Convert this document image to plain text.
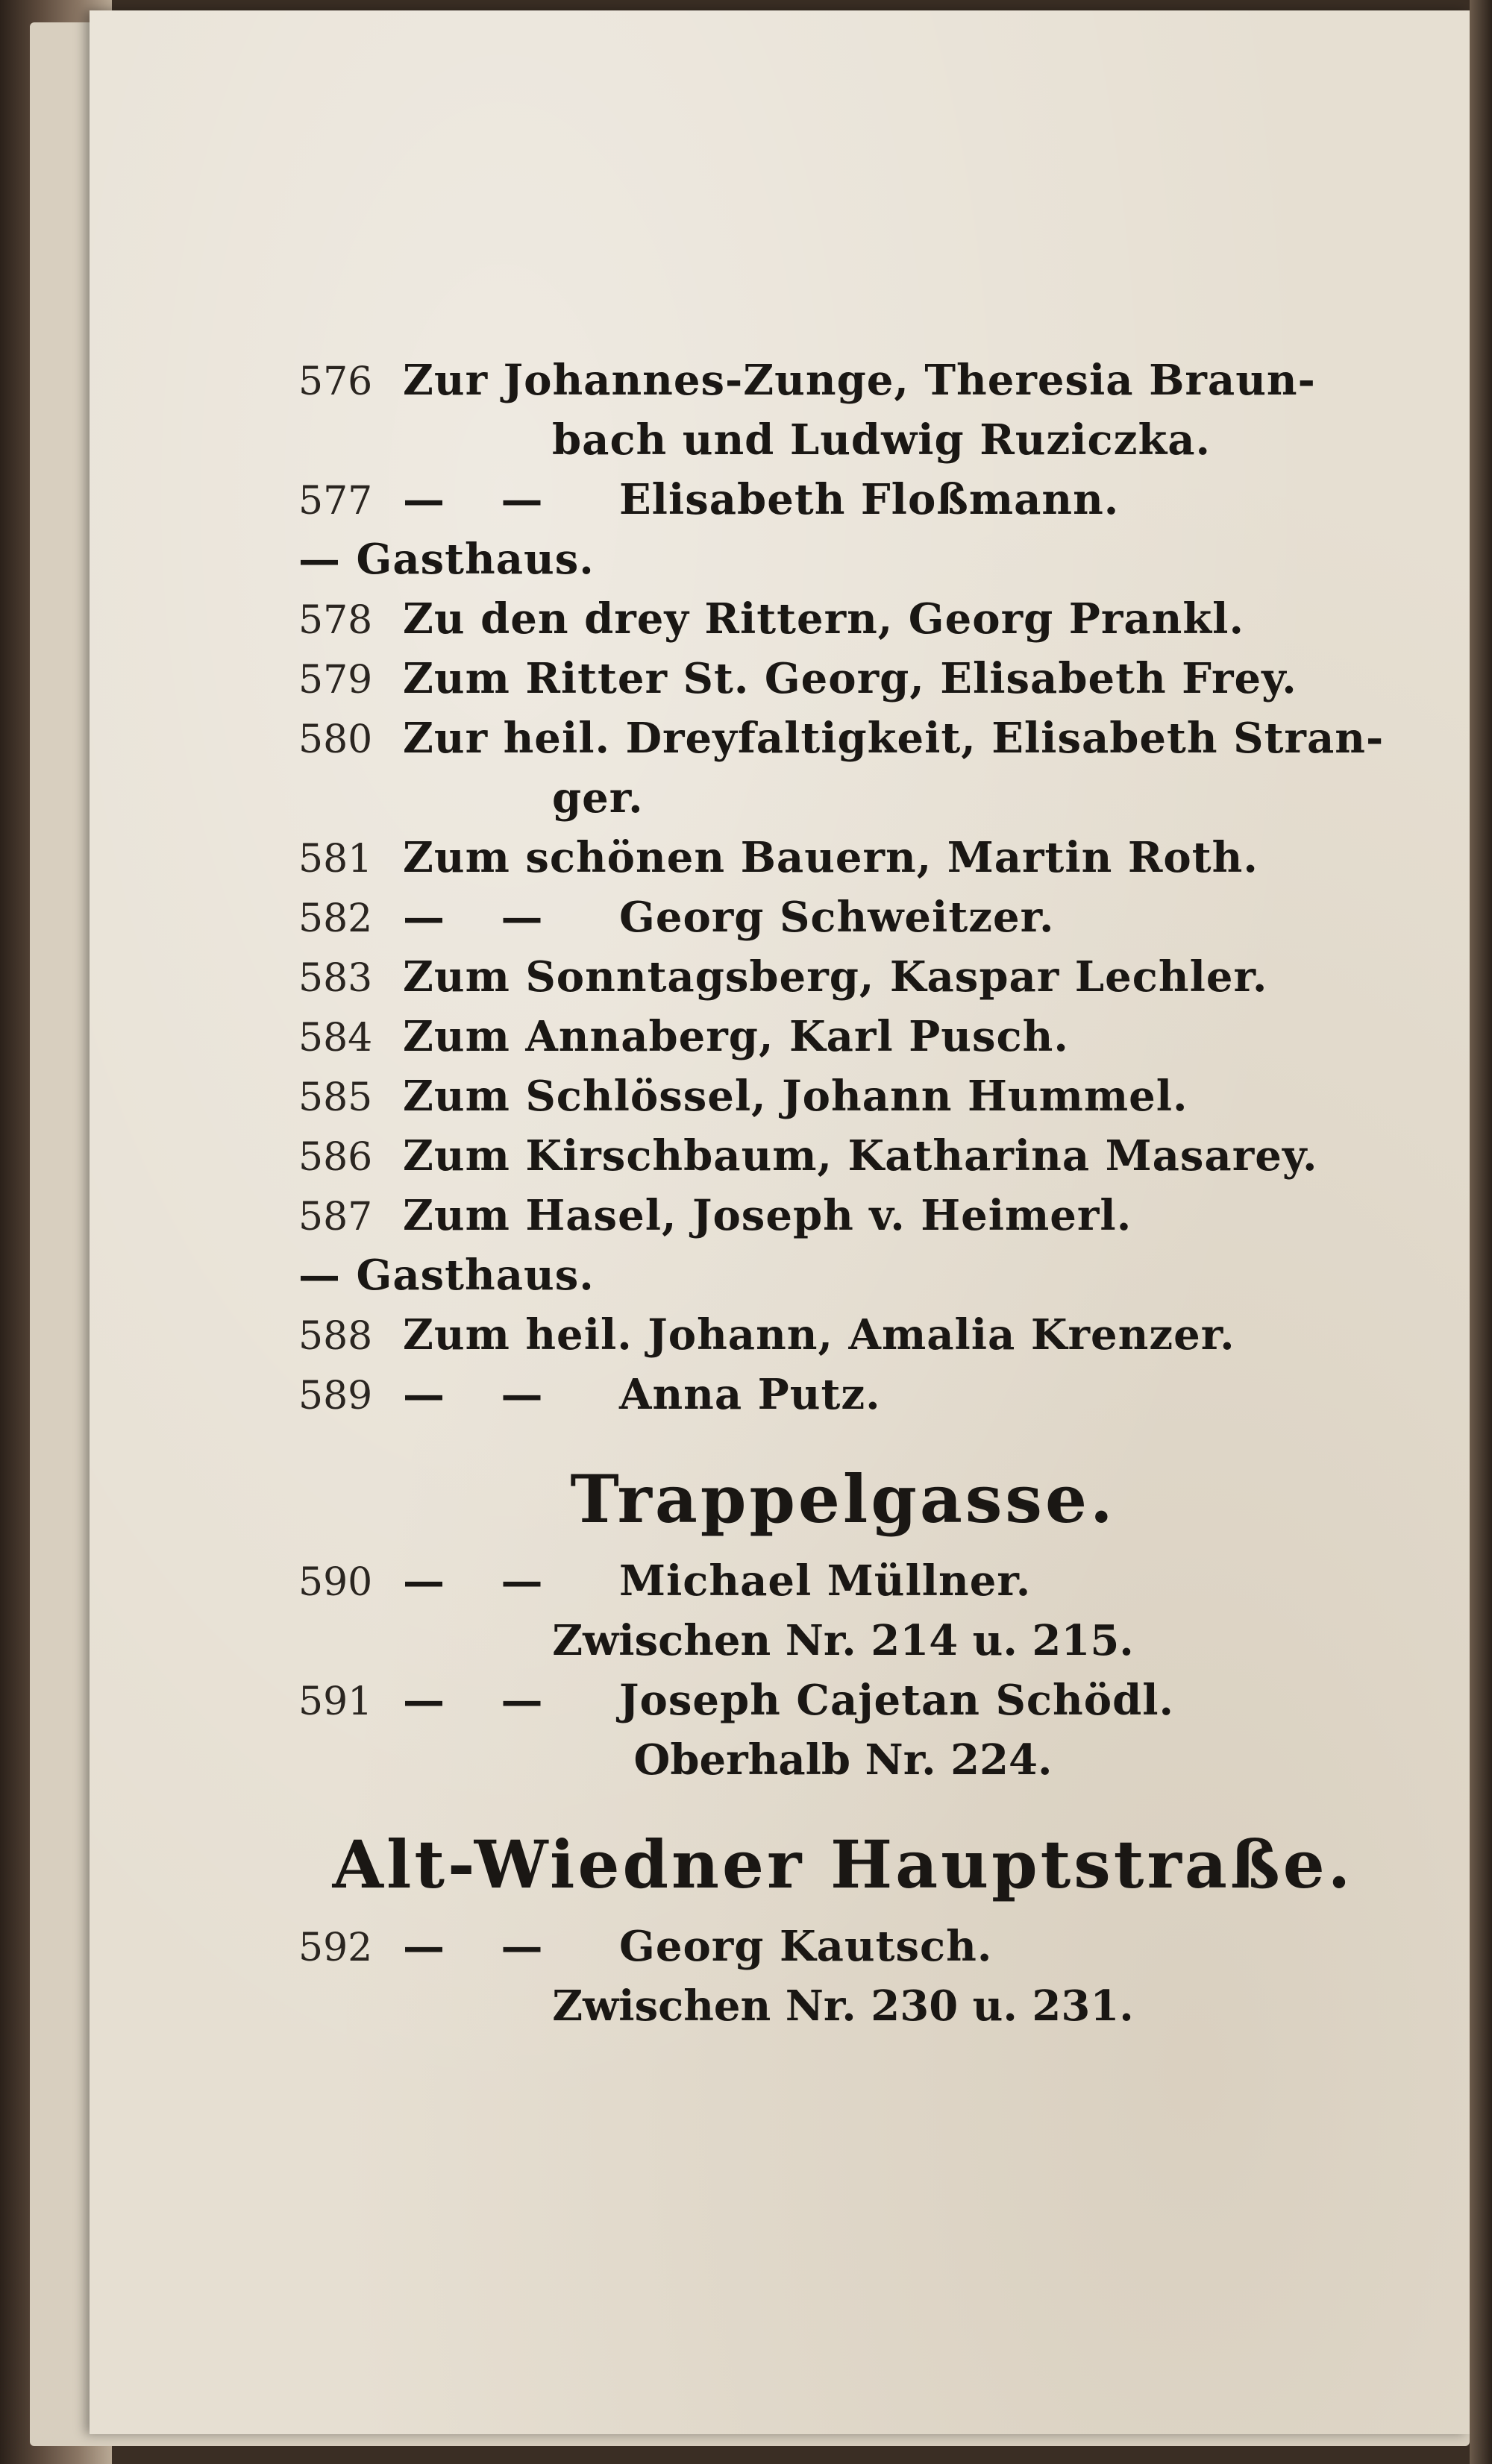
576 Zur Johannes-Zunge, Theresia Braun-
bach und Ludwig Ruziczka.
577 — —	Elisabeth Floßmann.
— Gasthaus.
578 Zu den drey Rittern, Georg Prankl.
579 Zum Ritter St. Georg, Elisabeth Frey.
580 Zur heil. Dreyfaltigkeit, Elisabeth Stran-
ger.
581 Zum schönen Bauern, Martin Roth.
582 — —	Georg Schweitzer.
583 Zum Sonntagsberg, Kaspar Lechler.
584 Zum Annaberg, Karl Pusch.
585 Zum Schlössel, Johann Hummel.
586 Zum Kirschbaum, Katharina Masarey.
587 Zum Hasel, Joseph v. Heimerl.
— Gasthaus.
588 Zum heil. Johann, Amalia Krenzer.
589 — —	Anna Putz.
Trappelgasse.
590 — —	Michael Müllner.
Zwischen Nr. 214 u. 215.
591 — —	Joseph Cajetan Schödl.
Oberhalb Nr. 224.
Alt-Wiedner Hauptstraße.
592 — —	Georg Kautsch.
Zwischen Nr. 230 u. 231.
